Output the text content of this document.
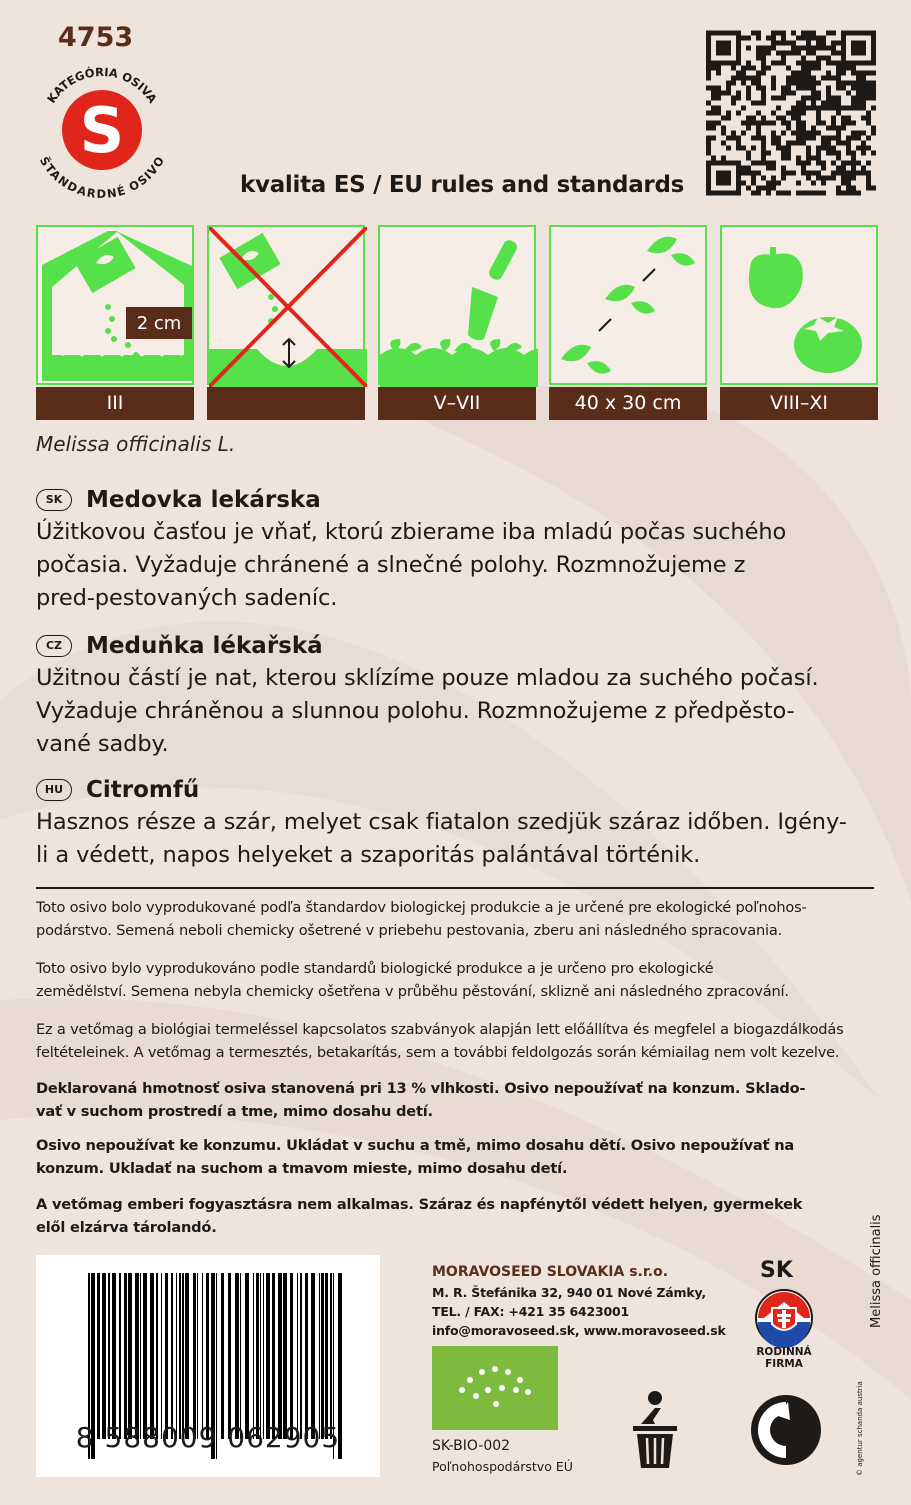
4753
S
KATEGÓRIA OSIVA
ŠTANDARDNÉ OSIVO
kvalita ES / EU rules and standards
2 cm
III	V–VII	40 x 30 cm	VIII–XI
Melissa officinalis L.
SK	Medovka lekárska
Úžitkovou časťou je vňať, ktorú zbierame iba mladú počas suchého
počasia. Vyžaduje chránené a slnečné polohy. Rozmnožujeme z
pred-pestovaných sadeníc.
CZ	Meduňka lékařská
Užitnou částí je nat, kterou sklízíme pouze mladou za suchého počasí.
Vyžaduje chráněnou a slunnou polohu. Rozmnožujeme z předpěsto-
vané sadby.
HU Citromfű
Hasznos része a szár, melyet csak fiatalon szedjük száraz időben. Igény-
li a védett, napos helyeket a szaporitás palántával történik.
Toto osivo bolo vyprodukované podľa štandardov biologickej produkcie a je určené pre ekologické poľnohos-
podárstvo. Semená neboli chemicky ošetrené v priebehu pestovania, zberu ani následného spracovania.
Toto osivo bylo vyprodukováno podle standardů biologické produkce a je určeno pro ekologické
zemědělství. Semena nebyla chemicky ošetřena v průběhu pěstování, sklizně ani následného zpracování.
Ez a vetőmag a biológiai termeléssel kapcsolatos szabványok alapján lett előállítva és megfelel a biogazdálkodás
feltételeinek. A vetőmag a termesztés, betakarítás, sem a további feldolgozás során kémiailag nem volt kezelve.
Deklarovaná hmotnosť osiva stanovená pri 13 % vlhkosti. Osivo nepoužívať na konzum. Sklado-
vať v suchom prostredí a tme, mimo dosahu detí.
Osivo nepoužívat ke konzumu. Ukládat v suchu a tmě, mimo dosahu dětí. Osivo nepoužívať na
konzum. Ukladať na suchom a tmavom mieste, mimo dosahu detí.
A vetőmag emberi fogyasztásra nem alkalmas. Száraz és napfénytől védett helyen, gyermekek
elől elzárva tárolandó.
8 588009 062905
MORAVOSEED SLOVAKIA s.r.o.
M. R. Štefánika 32, 940 01 Nové Zámky,
TEL. / FAX: +421 35 6423001
info@moravoseed.sk, www.moravoseed.sk
SK-BIO-002
Poľnohospodárstvo EÚ
SK
RODINNÁ
FIRMA
Melissa officinalis
© agentur schanda austria
